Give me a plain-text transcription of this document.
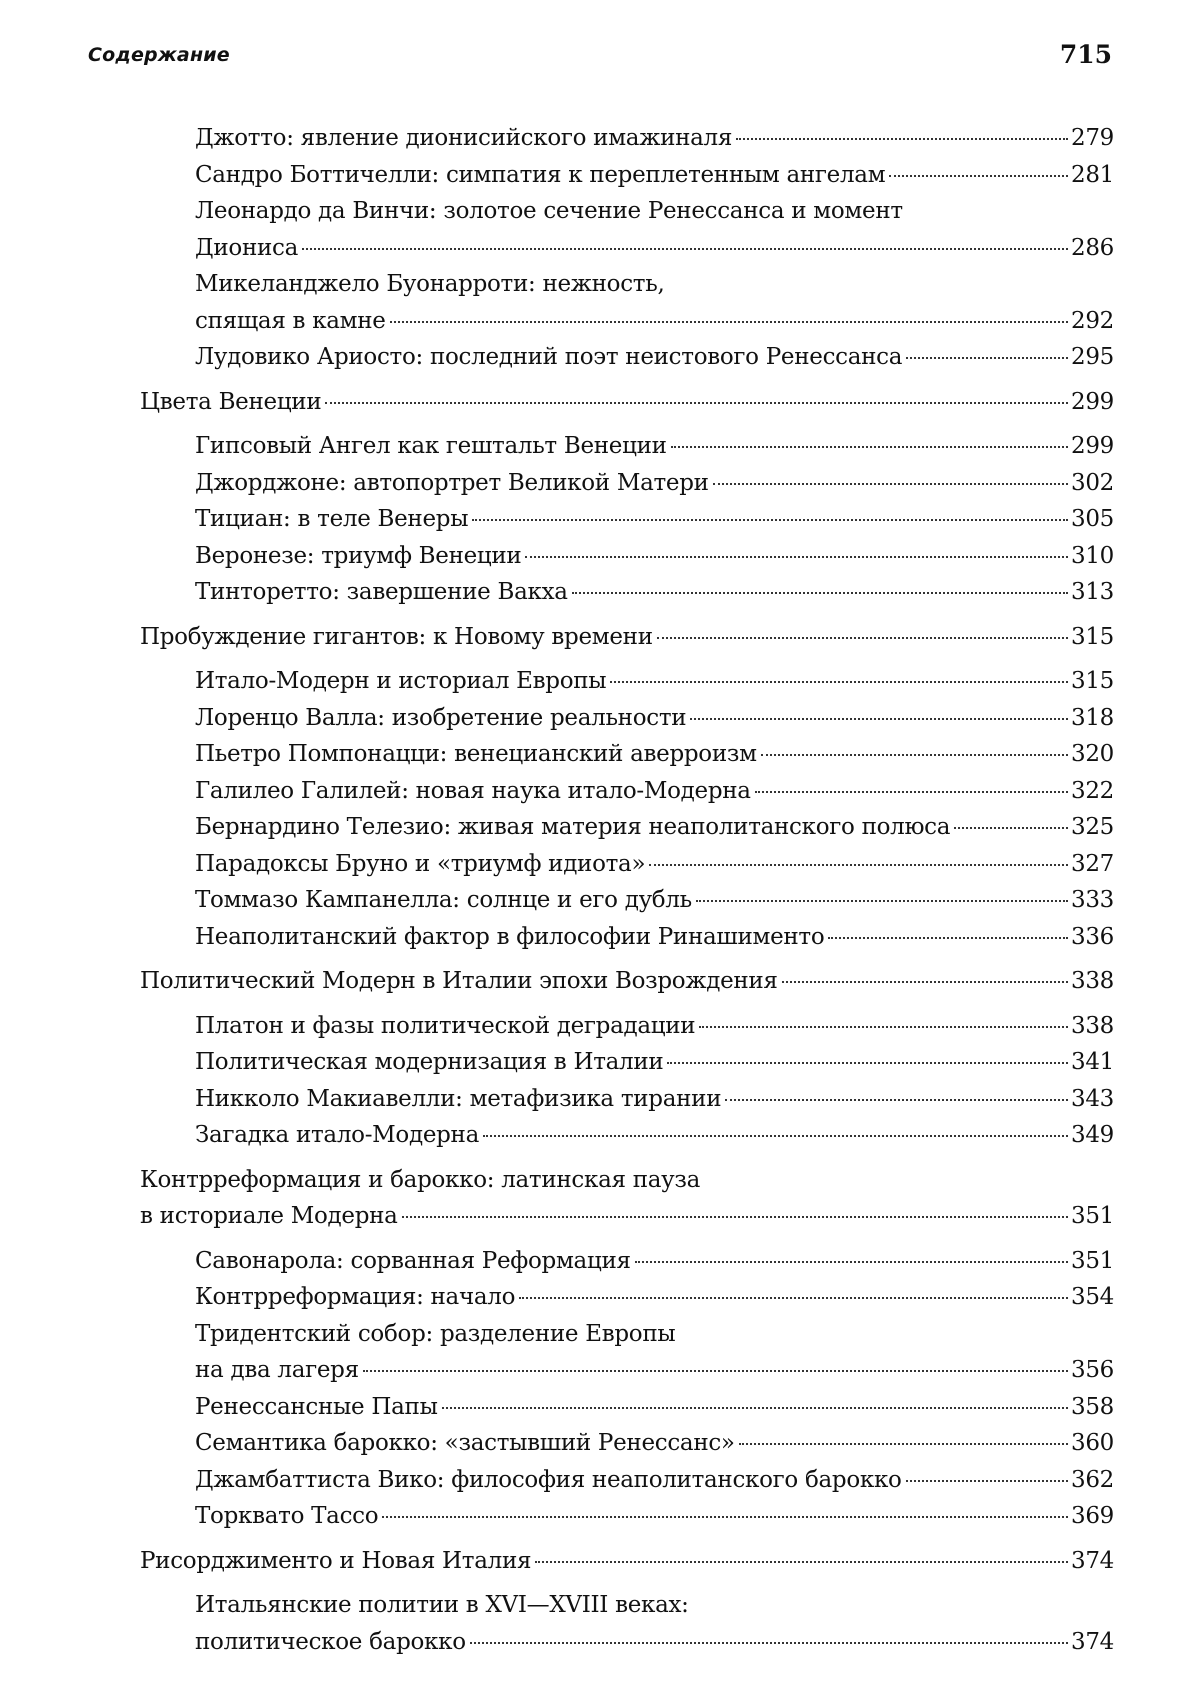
Содержание	715
Джотто: явление дионисийского имажиналя	279
Сандро Боттичелли: симпатия к переплетенным ангелам	281
Леонардо да Винчи: золотое сечение Ренессанса и момент
Диониса	286
Микеланджело Буонарроти: нежность,
спящая в камне	292
Лудовико Ариосто: последний поэт неистового Ренессанса	295
Цвета Венеции	299
Гипсовый Ангел как гештальт Венеции	299
Джорджоне: автопортрет Великой Матери	302
Тициан: в теле Венеры	305
Веронезе: триумф Венеции	310
Тинторетто: завершение Вакха	313
Пробуждение гигантов: к Новому времени	315
Итало-Модерн и историал Европы	315
Лоренцо Валла: изобретение реальности	318
Пьетро Помпонацци: венецианский аверроизм	320
Галилео Галилей: новая наука итало-Модерна	322
Бернардино Телезио: живая материя неаполитанского полюса	325
Парадоксы Бруно и «триумф идиота»	327
Томмазо Кампанелла: солнце и его дубль	333
Неаполитанский фактор в философии Ринашименто	336
Политический Модерн в Италии эпохи Возрождения	338
Платон и фазы политической деградации	338
Политическая модернизация в Италии	341
Никколо Макиавелли: метафизика тирании	343
Загадка итало-Модерна	349
Контрреформация и барокко: латинская пауза
в историале Модерна	351
Савонарола: сорванная Реформация	351
Контрреформация: начало	354
Тридентский собор: разделение Европы
на два лагеря	356
Ренессансные Папы	358
Семантика барокко: «застывший Ренессанс»	360
Джамбаттиста Вико: философия неаполитанского барокко	362
Торквато Тассо	369
Рисорджименто и Новая Италия	374
Итальянские политии в XVI—XVIII веках:
политическое барокко	374
